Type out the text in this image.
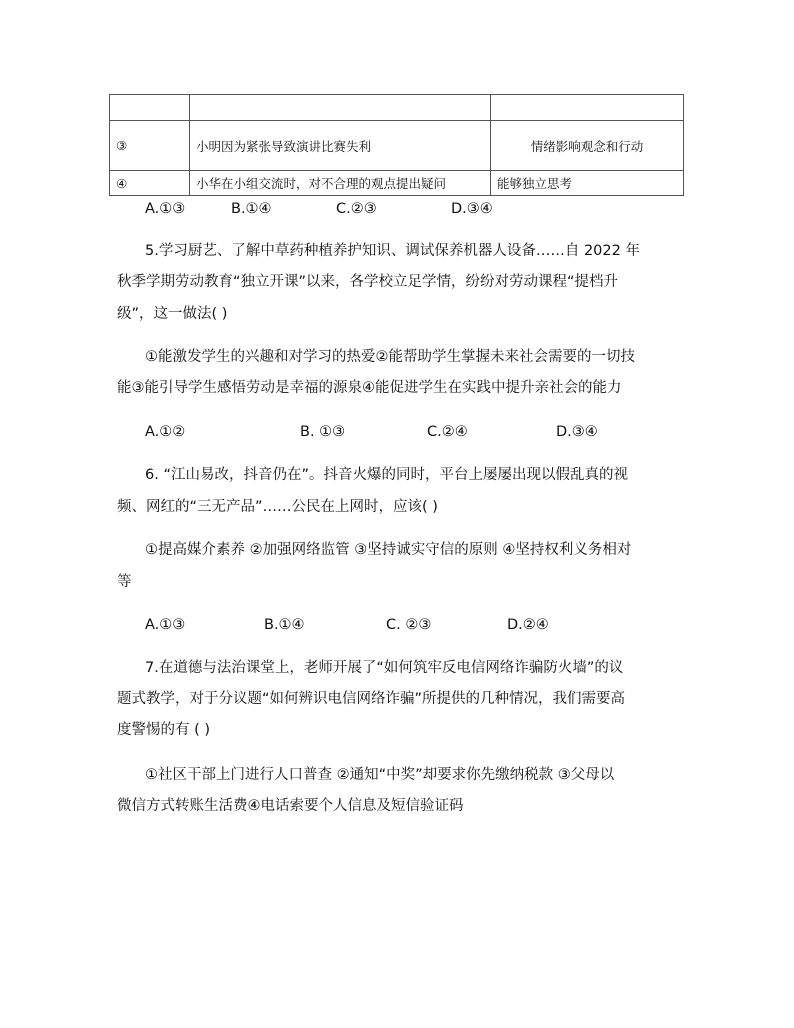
③	小明因为紧张导致演讲比赛失利	情绪影响观念和行动
④	小华在小组交流时，对不合理的观点提出疑问	能够独立思考
A.①③	B.①④	C.②③	D.③④
5.学习厨艺、了解中草药种植养护知识、调试保养机器人设备……自 2022 年
秋季学期劳动教育“独立开课”以来，各学校立足学情，纷纷对劳动课程“提档升
级”，这一做法( )
①能激发学生的兴趣和对学习的热爱②能帮助学生掌握未来社会需要的一切技
能③能引导学生感悟劳动是幸福的源泉④能促进学生在实践中提升亲社会的能力
A.①②	B. ①③	C.②④	D.③④
6. “江山易改，抖音仍在”。抖音火爆的同时，平台上屡屡出现以假乱真的视
频、网红的“三无产品”……公民在上网时，应该( )
①提高媒介素养 ②加强网络监管 ③坚持诚实守信的原则 ④坚持权利义务相对
等
A.①③	B.①④	C. ②③	D.②④
7.在道德与法治课堂上，老师开展了“如何筑牢反电信网络诈骗防火墙”的议
题式教学，对于分议题“如何辨识电信网络诈骗”所提供的几种情况，我们需要高
度警惕的有 ( )
①社区干部上门进行人口普查 ②通知“中奖”却要求你先缴纳税款 ③父母以
微信方式转账生活费④电话索要个人信息及短信验证码
